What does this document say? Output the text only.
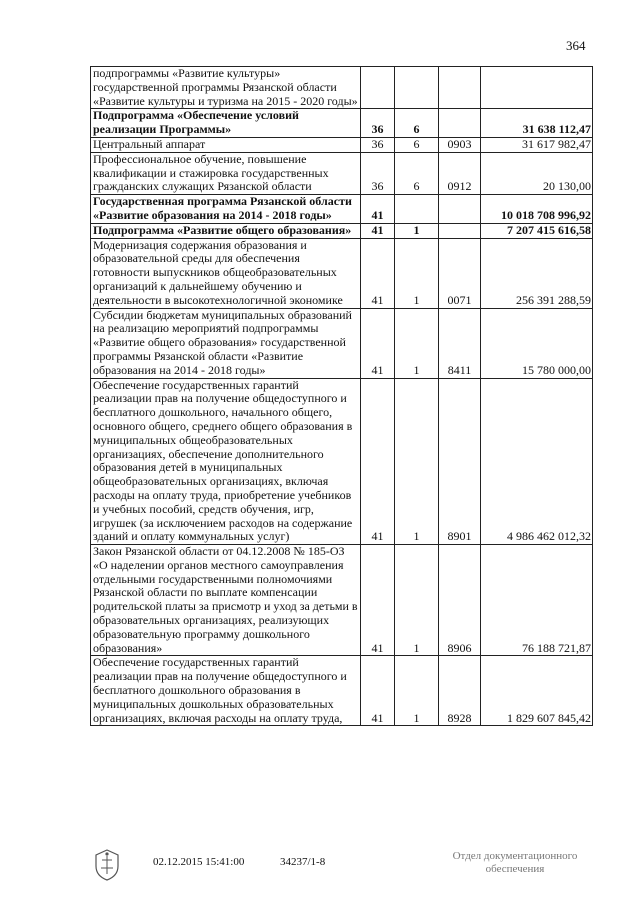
364
подпрограммы «Развитие культуры» государственной программы Рязанской области «Развитие культуры и туризма на 2015 - 2020 годы»				
Подпрограмма «Обеспечение условий реализации Программы»	36	6		31 638 112,47
Центральный аппарат	36	6	0903	31 617 982,47
Профессиональное обучение, повышение квалификации и стажировка государственных гражданских служащих Рязанской области	36	6	0912	20 130,00
Государственная программа Рязанской области «Развитие образования на 2014 - 2018 годы»	41			10 018 708 996,92
Подпрограмма «Развитие общего образования»	41	1		7 207 415 616,58
Модернизация содержания образования и образовательной среды для обеспечения готовности выпускников общеобразовательных организаций к дальнейшему обучению и деятельности в высокотехнологичной экономике	41	1	0071	256 391 288,59
Субсидии бюджетам муниципальных образований на реализацию мероприятий подпрограммы «Развитие общего образования» государственной программы Рязанской области «Развитие образования на 2014 - 2018 годы»	41	1	8411	15 780 000,00
Обеспечение государственных гарантий реализации прав на получение общедоступного и бесплатного дошкольного, начального общего, основного общего, среднего общего образования в муниципальных общеобразовательных организациях, обеспечение дополнительного образования детей в муниципальных общеобразовательных организациях, включая расходы на оплату труда, приобретение учебников и учебных пособий, средств обучения, игр, игрушек (за исключением расходов на содержание зданий и оплату коммунальных услуг)	41	1	8901	4 986 462 012,32
Закон Рязанской области от 04.12.2008 № 185-ОЗ «О наделении органов местного самоуправления отдельными государственными полномочиями Рязанской области по выплате компенсации родительской платы за присмотр и уход за детьми в образовательных организациях, реализующих образовательную программу дошкольного образования»	41	1	8906	76 188 721,87
Обеспечение государственных гарантий реализации прав на получение общедоступного и бесплатного дошкольного образования в муниципальных дошкольных образовательных организациях, включая расходы на оплату труда,	41	1	8928	1 829 607 845,42
02.12.2015 15:41:00	34237/1-8	Отдел документационного
обеспечения
